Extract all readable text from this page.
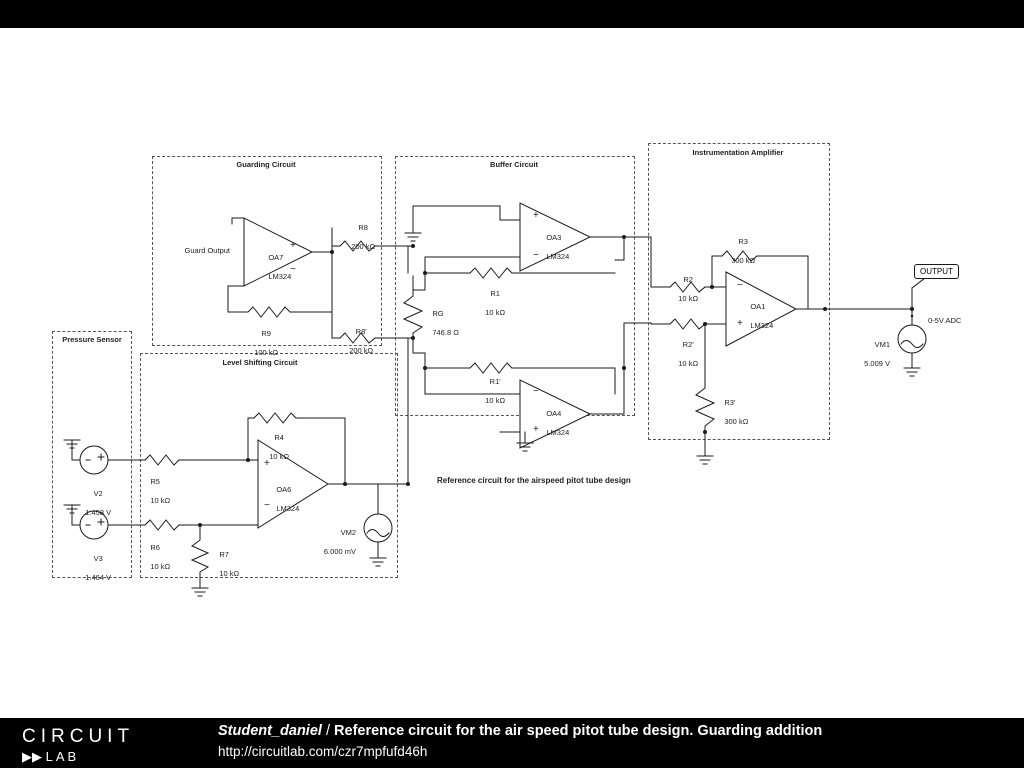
Guarding Circuit	Buffer Circuit
Instrumentation Amplifier
Pressure Sensor
Level Shifting Circuit
+
−
+
−
−
+
−
+
+
−

OA7

LM324

Guard Output

R9

100 kΩ

R8

200 kΩ

R8'

200 kΩ

OA3

LM324

OA4

LM324

R1

10 kΩ

R1'

10 kΩ

RG

746.8 Ω

OA1

LM324

R2

10 kΩ

R2'

10 kΩ

R3

300 kΩ

R3'

300 kΩ

OUTPUT
0-5V ADC

VM1

5.009 V

V2

1.458 V

V3

1.464 V

R5

10 kΩ

R6

10 kΩ

R7

10 kΩ

R4

10 kΩ

OA6

LM324

VM2

6.000 mV

Reference circuit for the airspeed pitot tube design
CIRCUIT
▶▶ LAB
Student_daniel / Reference circuit for the air speed pitot tube design. Guarding addition
http://circuitlab.com/czr7mpfufd46h
